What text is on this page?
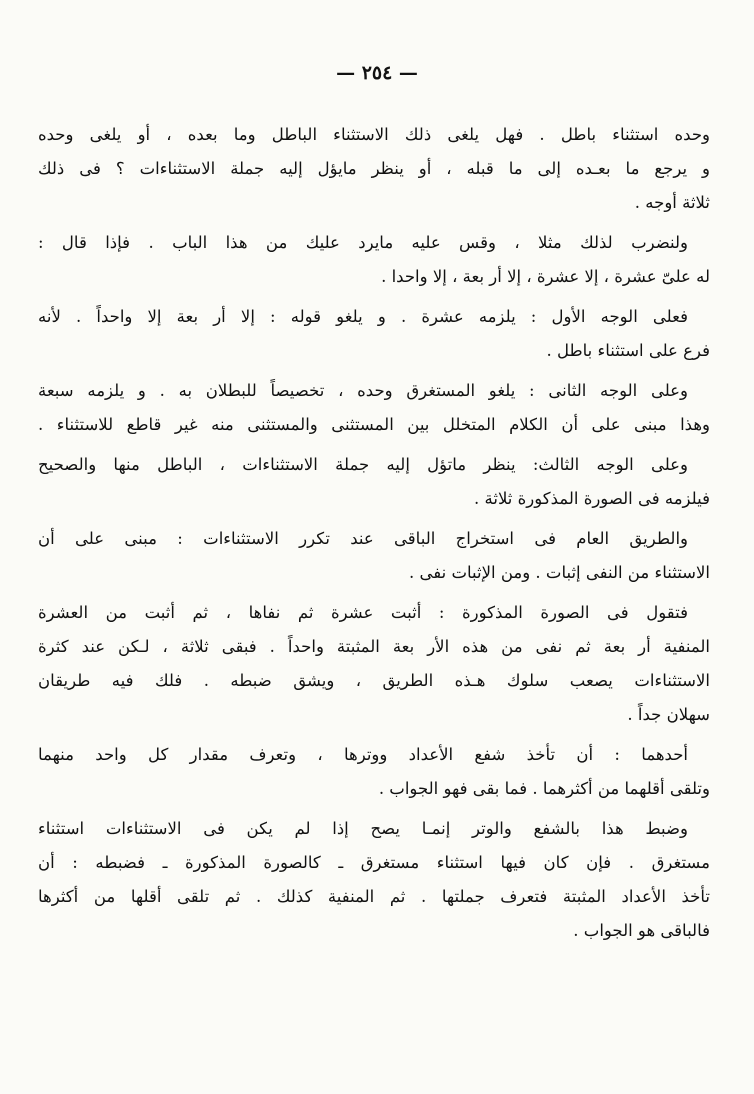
— ٢٥٤ —
وحده استثناء باطل . فهل يلغى ذلك الاستثناء الباطل وما بعده ، أو يلغى وحده
و يرجع ما بعـده إلى ما قبله ، أو ينظر مايؤل إليه جملة الاستثناءات ؟ فى ذلك
ثلاثة أوجه .
ولنضرب لذلك مثلا ، وقس عليه مايرد عليك من هذا الباب . فإذا قال :
له علىّ عشرة ، إلا عشرة ، إلا أر بعة ، إلا واحدا .
فعلى الوجه الأول : يلزمه عشرة . و يلغو قوله : إلا أر بعة إلا واحداً . لأنه
فرع على استثناء باطل .
وعلى الوجه الثانى : يلغو المستغرق وحده ، تخصيصاً للبطلان به . و يلزمه سبعة
وهذا مبنى على أن الكلام المتخلل بين المستثنى والمستثنى منه غير قاطع للاستثناء .
وعلى الوجه الثالث: ينظر ماتؤل إليه جملة الاستثناءات ، الباطل منها والصحيح
فيلزمه فى الصورة المذكورة ثلاثة .
والطريق العام فى استخراج الباقى عند تكرر الاستثناءات : مبنى على أن
الاستثناء من النفى إثبات . ومن الإثبات نفى .
فتقول فى الصورة المذكورة : أثبت عشرة ثم نفاها ، ثم أثبت من العشرة
المنفية أر بعة ثم نفى من هذه الأر بعة المثبتة واحداً . فبقى ثلاثة ، لـكن عند كثرة
الاستثناءات يصعب سلوك هـذه الطريق ، ويشق ضبطه . فلك فيه طريقان
سهلان جداً .
أحدهما : أن تأخذ شفع الأعداد ووترها ، وتعرف مقدار كل واحد منهما
وتلقى أقلهما من أكثرهما . فما بقى فهو الجواب .
وضبط هذا بالشفع والوتر إنمـا يصح إذا لم يكن فى الاستثناءات استثناء
مستغرق . فإن كان فيها استثناء مستغرق ـ كالصورة المذكورة ـ فضبطه : أن
تأخذ الأعداد المثبتة فتعرف جملتها . ثم المنفية كذلك . ثم تلقى أقلها من أكثرها
فالباقى هو الجواب .
